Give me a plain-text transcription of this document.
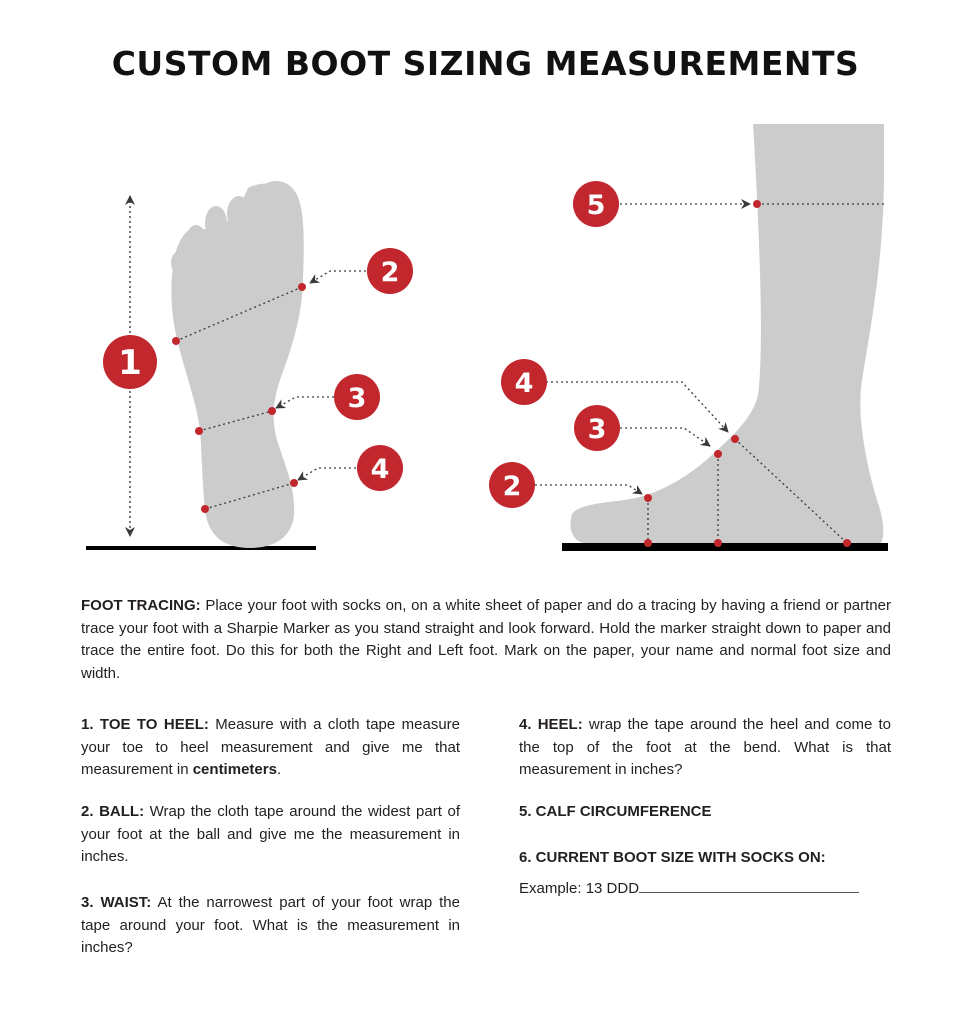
CUSTOM BOOT SIZING MEASUREMENTS
1
2
3
4
5
4
3
2

FOOT TRACING: Place your foot with socks on, on a white sheet of paper and do a tracing by having a friend or partner trace your foot with a Sharpie Marker as you stand straight and look forward. Hold the marker straight down to paper and trace the entire foot. Do this for both the Right and Left foot. Mark on the paper, your name and normal foot size and width.

1. TOE TO HEEL: Measure with a cloth tape measure your toe to heel measurement and give me that measurement in centimeters.

2. BALL: Wrap the cloth tape around the widest part of your foot at the ball and give me the measurement in inches.

3. WAIST: At the narrowest part of your foot wrap the tape around your foot. What is the measurement in inches?

4. HEEL: wrap the tape around the heel and come to the top of the foot at the bend. What is that measurement in inches?

5. CALF CIRCUMFERENCE

6. CURRENT BOOT SIZE WITH SOCKS ON:

Example: 13 DDD
